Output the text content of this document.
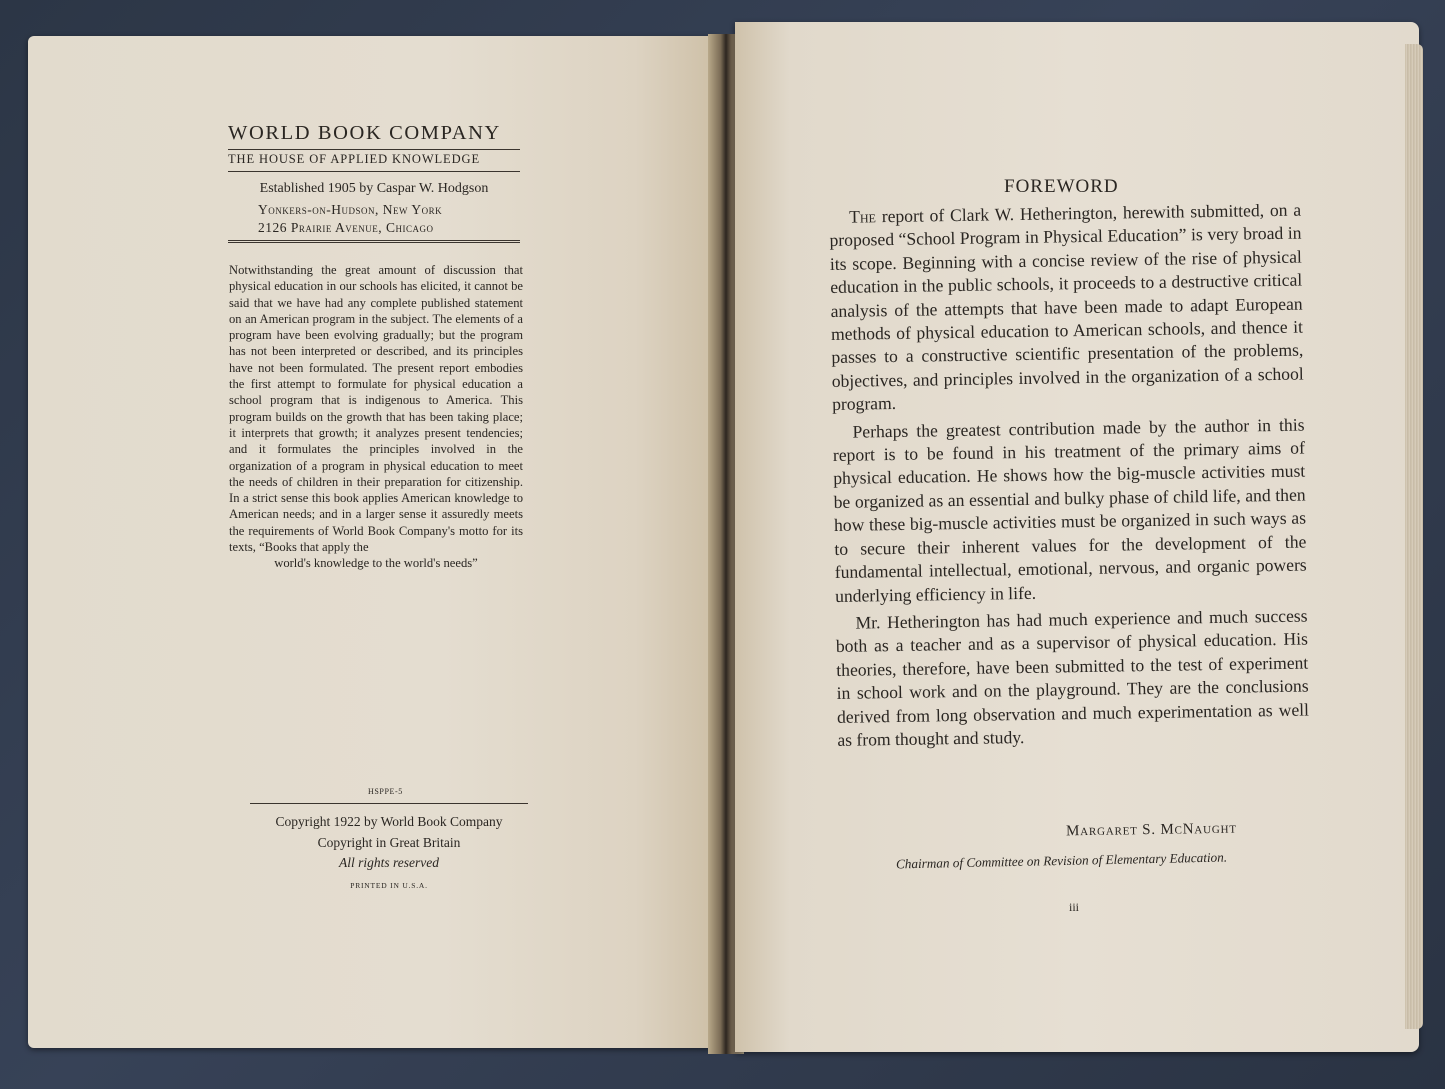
WORLD BOOK COMPANY
THE HOUSE OF APPLIED KNOWLEDGE
Established 1905 by Caspar W. Hodgson
Yonkers-on-Hudson, New York
2126 Prairie Avenue, Chicago
Notwithstanding the great amount of discussion that physical education in our schools has elicited, it cannot be said that we have had any complete published statement on an American program in the subject. The elements of a program have been evolving gradually; but the program has not been interpreted or described, and its principles have not been formulated. The present report embodies the first attempt to formulate for physical education a school program that is indigenous to America. This program builds on the growth that has been taking place; it interprets that growth; it analyzes present tendencies; and it formulates the principles involved in the organization of a program in physical education to meet the needs of children in their preparation for citizenship. In a strict sense this book applies American knowledge to American needs; and in a larger sense it assuredly meets the requirements of World Book Company's motto for its texts, “Books that apply the
world's knowledge to the world's needs”
HSPPE-5
Copyright 1922 by World Book Company
Copyright in Great Britain
All rights reserved
PRINTED IN U.S.A.
FOREWORD

The report of Clark W. Hetherington, herewith submitted, on a proposed “School Program in Physical Education” is very broad in its scope. Beginning with a concise review of the rise of physical education in the public schools, it proceeds to a destructive critical analysis of the attempts that have been made to adapt European methods of physical education to American schools, and thence it passes to a constructive scientific presentation of the problems, objectives, and principles involved in the organization of a school program.

Perhaps the greatest contribution made by the author in this report is to be found in his treatment of the primary aims of physical education. He shows how the big-muscle activities must be organized as an essential and bulky phase of child life, and then how these big-muscle activities must be organized in such ways as to secure their inherent values for the development of the fundamental intellectual, emotional, nervous, and organic powers underlying efficiency in life.

Mr. Hetherington has had much experience and much success both as a teacher and as a supervisor of physical education. His theories, therefore, have been submitted to the test of experiment in school work and on the playground. They are the conclusions derived from long observation and much experimentation as well as from thought and study.

Margaret S. McNaught
Chairman of Committee on Revision of Elementary Education.
iii
